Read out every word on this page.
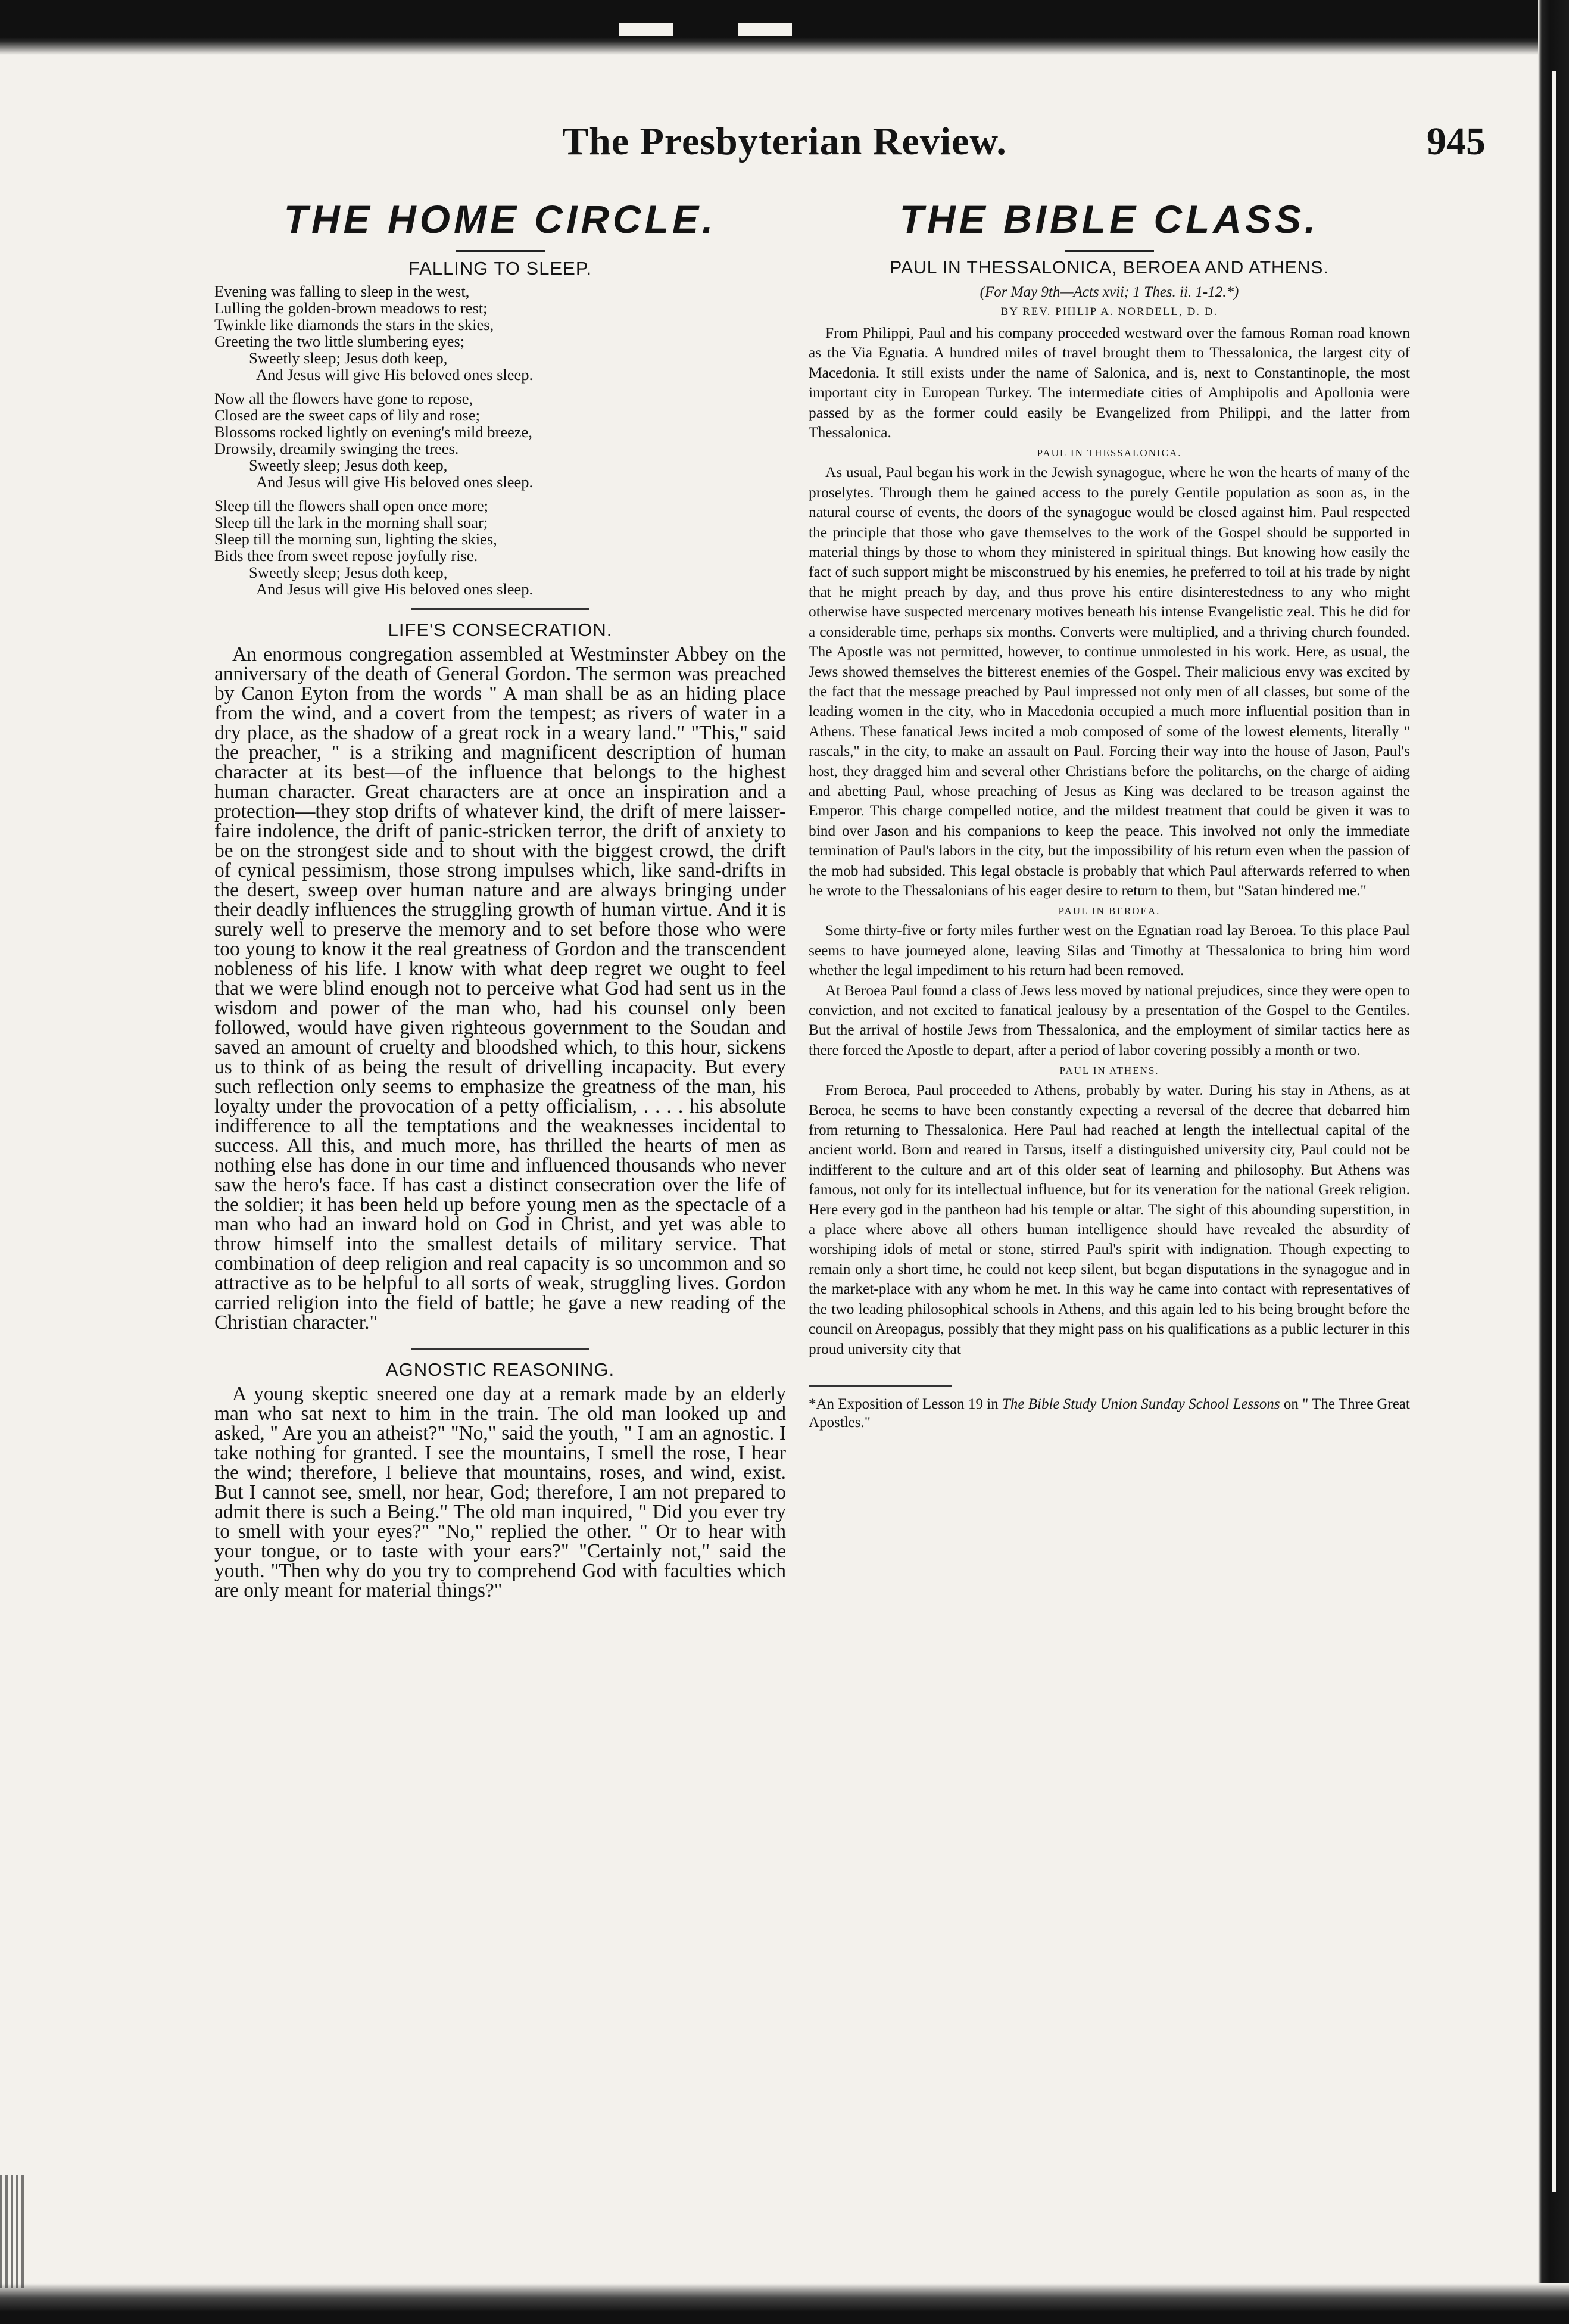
The Presbyterian Review.	945
THE HOME CIRCLE.
FALLING TO SLEEP.
Evening was falling to sleep in the west,
Lulling the golden-brown meadows to rest;
Twinkle like diamonds the stars in the skies,
Greeting the two little slumbering eyes;
Sweetly sleep; Jesus doth keep,
And Jesus will give His beloved ones sleep.
Now all the flowers have gone to repose,
Closed are the sweet caps of lily and rose;
Blossoms rocked lightly on evening's mild breeze,
Drowsily, dreamily swinging the trees.
Sweetly sleep; Jesus doth keep,
And Jesus will give His beloved ones sleep.
Sleep till the flowers shall open once more;
Sleep till the lark in the morning shall soar;
Sleep till the morning sun, lighting the skies,
Bids thee from sweet repose joyfully rise.
Sweetly sleep; Jesus doth keep,
And Jesus will give His beloved ones sleep.
LIFE'S CONSECRATION.

An enormous congregation assembled at Westminster Abbey on the anniversary of the death of General Gordon. The sermon was preached by Canon Eyton from the words " A man shall be as an hiding place from the wind, and a covert from the tempest; as rivers of water in a dry place, as the shadow of a great rock in a weary land." "This," said the preacher, " is a striking and magnificent description of human character at its best—of the influence that belongs to the highest human character. Great characters are at once an inspiration and a protection—they stop drifts of whatever kind, the drift of mere laisser-faire indolence, the drift of panic-stricken terror, the drift of anxiety to be on the strongest side and to shout with the biggest crowd, the drift of cynical pessimism, those strong impulses which, like sand-drifts in the desert, sweep over human nature and are always bringing under their deadly influences the struggling growth of human virtue. And it is surely well to preserve the memory and to set before those who were too young to know it the real greatness of Gordon and the transcendent nobleness of his life. I know with what deep regret we ought to feel that we were blind enough not to perceive what God had sent us in the wisdom and power of the man who, had his counsel only been followed, would have given righteous government to the Soudan and saved an amount of cruelty and bloodshed which, to this hour, sickens us to think of as being the result of drivelling incapacity. But every such reflection only seems to emphasize the greatness of the man, his loyalty under the provocation of a petty officialism, . . . . his absolute indifference to all the temptations and the weaknesses incidental to success. All this, and much more, has thrilled the hearts of men as nothing else has done in our time and influenced thousands who never saw the hero's face. If has cast a distinct consecration over the life of the soldier; it has been held up before young men as the spectacle of a man who had an inward hold on God in Christ, and yet was able to throw himself into the smallest details of military service. That combination of deep religion and real capacity is so uncommon and so attractive as to be helpful to all sorts of weak, struggling lives. Gordon carried religion into the field of battle; he gave a new reading of the Christian character."

AGNOSTIC REASONING.

A young skeptic sneered one day at a remark made by an elderly man who sat next to him in the train. The old man looked up and asked, " Are you an atheist?" "No," said the youth, " I am an agnostic. I take nothing for granted. I see the mountains, I smell the rose, I hear the wind; therefore, I believe that mountains, roses, and wind, exist. But I cannot see, smell, nor hear, God; therefore, I am not prepared to admit there is such a Being." The old man inquired, " Did you ever try to smell with your eyes?" "No," replied the other. " Or to hear with your tongue, or to taste with your ears?" "Certainly not," said the youth. "Then why do you try to comprehend God with faculties which are only meant for material things?"

THE BIBLE CLASS.
PAUL IN THESSALONICA, BEROEA AND ATHENS.
(For May 9th—Acts xvii; 1 Thes. ii. 1-12.*)
BY REV. PHILIP A. NORDELL, D. D.

From Philippi, Paul and his company proceeded westward over the famous Roman road known as the Via Egnatia. A hundred miles of travel brought them to Thessalonica, the largest city of Macedonia. It still exists under the name of Salonica, and is, next to Constantinople, the most important city in European Turkey. The intermediate cities of Amphipolis and Apollonia were passed by as the former could easily be Evangelized from Philippi, and the latter from Thessalonica.

PAUL IN THESSALONICA.

As usual, Paul began his work in the Jewish synagogue, where he won the hearts of many of the proselytes. Through them he gained access to the purely Gentile population as soon as, in the natural course of events, the doors of the synagogue would be closed against him. Paul respected the principle that those who gave themselves to the work of the Gospel should be supported in material things by those to whom they ministered in spiritual things. But knowing how easily the fact of such support might be misconstrued by his enemies, he preferred to toil at his trade by night that he might preach by day, and thus prove his entire disinterestedness to any who might otherwise have suspected mercenary motives beneath his intense Evangelistic zeal. This he did for a considerable time, perhaps six months. Converts were multiplied, and a thriving church founded. The Apostle was not permitted, however, to continue unmolested in his work. Here, as usual, the Jews showed themselves the bitterest enemies of the Gospel. Their malicious envy was excited by the fact that the message preached by Paul impressed not only men of all classes, but some of the leading women in the city, who in Macedonia occupied a much more influential position than in Athens. These fanatical Jews incited a mob composed of some of the lowest elements, literally " rascals," in the city, to make an assault on Paul. Forcing their way into the house of Jason, Paul's host, they dragged him and several other Christians before the politarchs, on the charge of aiding and abetting Paul, whose preaching of Jesus as King was declared to be treason against the Emperor. This charge compelled notice, and the mildest treatment that could be given it was to bind over Jason and his companions to keep the peace. This involved not only the immediate termination of Paul's labors in the city, but the impossibility of his return even when the passion of the mob had subsided. This legal obstacle is probably that which Paul afterwards referred to when he wrote to the Thessalonians of his eager desire to return to them, but "Satan hindered me."

PAUL IN BEROEA.

Some thirty-five or forty miles further west on the Egnatian road lay Beroea. To this place Paul seems to have journeyed alone, leaving Silas and Timothy at Thessalonica to bring him word whether the legal impediment to his return had been removed.

At Beroea Paul found a class of Jews less moved by national prejudices, since they were open to conviction, and not excited to fanatical jealousy by a presentation of the Gospel to the Gentiles. But the arrival of hostile Jews from Thessalonica, and the employment of similar tactics here as there forced the Apostle to depart, after a period of labor covering possibly a month or two.

PAUL IN ATHENS.

From Beroea, Paul proceeded to Athens, probably by water. During his stay in Athens, as at Beroea, he seems to have been constantly expecting a reversal of the decree that debarred him from returning to Thessalonica. Here Paul had reached at length the intellectual capital of the ancient world. Born and reared in Tarsus, itself a distinguished university city, Paul could not be indifferent to the culture and art of this older seat of learning and philosophy. But Athens was famous, not only for its intellectual influence, but for its veneration for the national Greek religion. Here every god in the pantheon had his temple or altar. The sight of this abounding superstition, in a place where above all others human intelligence should have revealed the absurdity of worshiping idols of metal or stone, stirred Paul's spirit with indignation. Though expecting to remain only a short time, he could not keep silent, but began disputations in the synagogue and in the market-place with any whom he met. In this way he came into contact with representatives of the two leading philosophical schools in Athens, and this again led to his being brought before the council on Areopagus, possibly that they might pass on his qualifications as a public lecturer in this proud university city that

*An Exposition of Lesson 19 in The Bible Study Union Sunday School Lessons on " The Three Great Apostles."
